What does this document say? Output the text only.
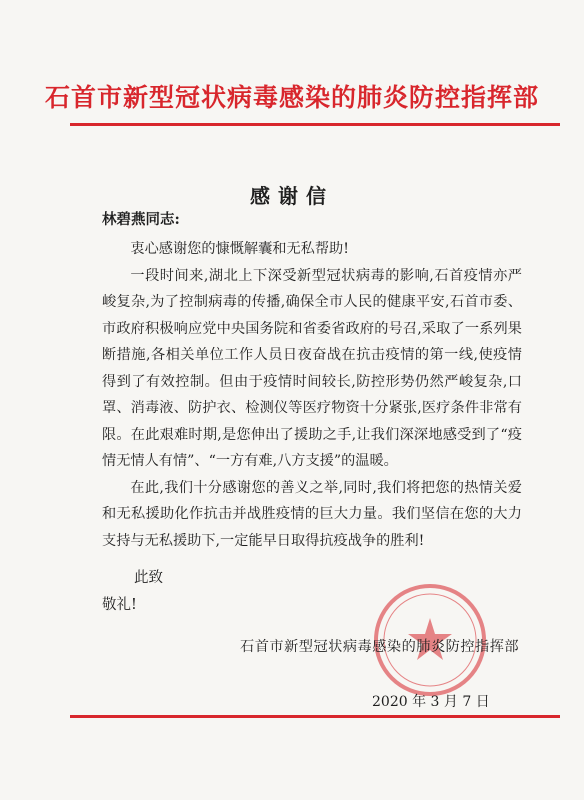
石首市新型冠状病毒感染的肺炎防控指挥部
感谢信
林碧燕同志:

衷心感谢您的慷慨解囊和无私帮助!

一段时间来,湖北上下深受新型冠状病毒的影响,石首疫情亦严峻复杂,为了控制病毒的传播,确保全市人民的健康平安,石首市委、市政府积极响应党中央国务院和省委省政府的号召,采取了一系列果断措施,各相关单位工作人员日夜奋战在抗击疫情的第一线,使疫情得到了有效控制。但由于疫情时间较长,防控形势仍然严峻复杂,口罩、消毒液、防护衣、检测仪等医疗物资十分紧张,医疗条件非常有限。在此艰难时期,是您伸出了援助之手,让我们深深地感受到了“疫情无情人有情”、“一方有难,八方支援”的温暖。

在此,我们十分感谢您的善义之举,同时,我们将把您的热情关爱和无私援助化作抗击并战胜疫情的巨大力量。我们坚信在您的大力支持与无私援助下,一定能早日取得抗疫战争的胜利!

此致
敬礼!
石首市新型冠状病毒感染的肺炎防控指挥部
2020 年 3 月 7 日
